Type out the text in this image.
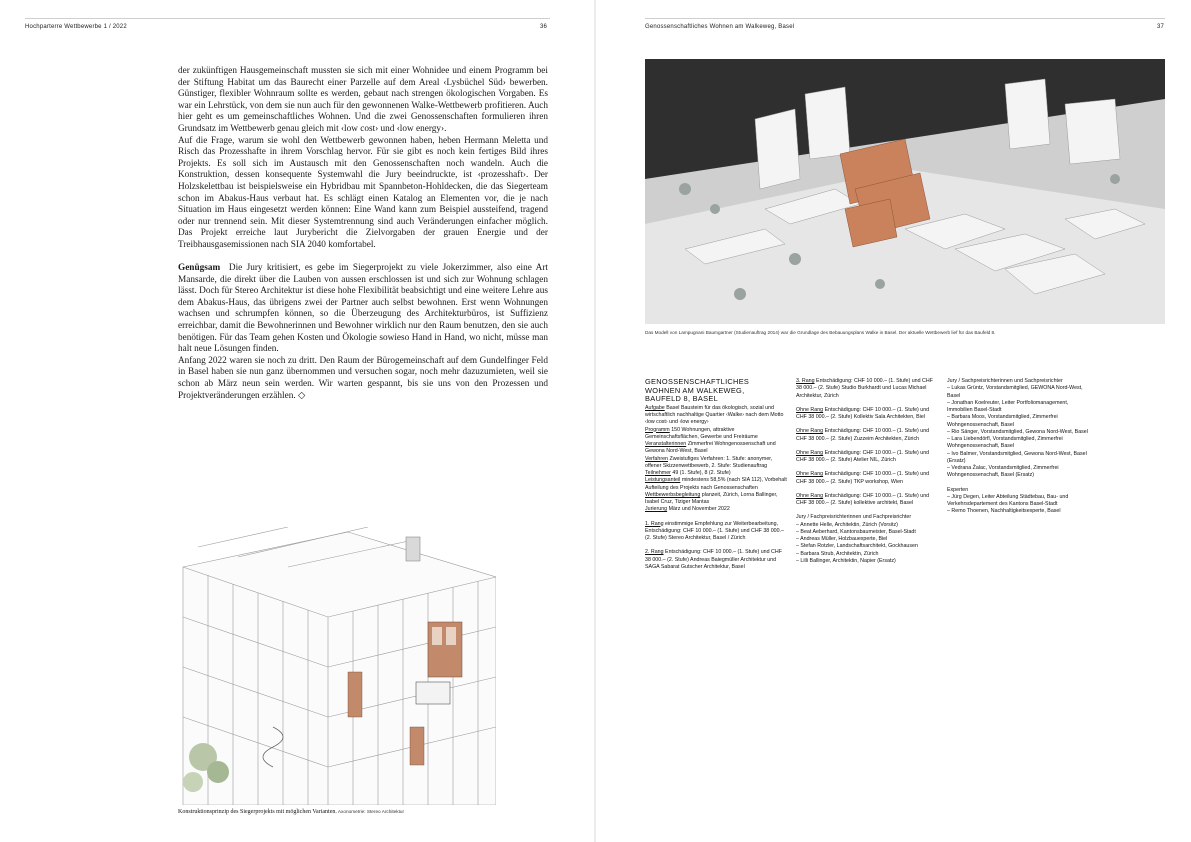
Hochparterre Wettbewerbe 1 / 2022	36

der zukünftigen Hausgemeinschaft mussten sie sich mit einer Wohnidee und einem Programm bei der Stiftung Habitat um das Baurecht einer Parzelle auf dem Areal ‹Lysbüchel Süd› bewerben. Günstiger, flexibler Wohnraum sollte es werden, gebaut nach strengen ökologischen Vorgaben. Es war ein Lehrstück, von dem sie nun auch für den gewonnenen Walke-Wettbewerb profitieren. Auch hier geht es um gemeinschaftliches Wohnen. Und die zwei Genossenschaften formulieren ihren Grundsatz im Wettbewerb genau gleich mit ‹low cost› und ‹low energy›.

Auf die Frage, warum sie wohl den Wettbewerb gewonnen haben, heben Hermann Meletta und Risch das Prozesshafte in ihrem Vorschlag hervor. Für sie gibt es noch kein fertiges Bild ihres Projekts. Es soll sich im Austausch mit den Genossenschaften noch wandeln. Auch die Konstruktion, dessen konsequente Systemwahl die Jury beeindruckte, ist ‹prozesshaft›. Der Holzskelettbau ist beispielsweise ein Hybridbau mit Spannbeton-Hohldecken, die das Siegerteam schon im Abakus-Haus verbaut hat. Es schlägt einen Katalog an Elementen vor, die je nach Situation im Haus eingesetzt werden können: Eine Wand kann zum Beispiel aussteifend, tragend oder nur trennend sein. Mit dieser Systemtrennung sind auch Veränderungen einfacher möglich. Das Projekt erreiche laut Jurybericht die Zielvorgaben der grauen Energie und der Treibhausgasemissionen nach SIA 2040 komfortabel.

Genügsam Die Jury kritisiert, es gebe im Siegerprojekt zu viele Jokerzimmer, also eine Art Mansarde, die direkt über die Lauben von aussen erschlossen ist und sich zur Wohnung schlagen lässt. Doch für Stereo Architektur ist diese hohe Flexibilität beabsichtigt und eine weitere Lehre aus dem Abakus-Haus, das übrigens zwei der Partner auch selbst bewohnen. Erst wenn Wohnungen wachsen und schrumpfen können, so die Überzeugung des Architekturbüros, ist Suffizienz erreichbar, damit die Bewohnerinnen und Bewohner wirklich nur den Raum benutzen, den sie auch benötigen. Für das Team gehen Kosten und Ökologie sowieso Hand in Hand, wo nicht, müsse man halt neue Lösungen finden.

Anfang 2022 waren sie noch zu dritt. Den Raum der Bürogemeinschaft auf dem Gundelfinger Feld in Basel haben sie nun ganz übernommen und versuchen sogar, noch mehr dazuzumieten, weil sie schon ab März neun sein werden. Wir warten gespannt, bis sie uns von den Prozessen und Projektveränderungen erzählen. ◇

Konstruktionsprinzip des Siegerprojekts mit möglichen Varianten. Axonometrie: Stereo Architektur
Genossenschaftliches Wohnen am Walkeweg, Basel	37
Das Modell von Lampugnani Baumgartner (Studienauftrag 2014) war die Grundlage des Bebauungsplans Walke in Basel. Der aktuelle Wettbewerb lief für das Baufeld 8.
GENOSSENSCHAFTLICHES
WOHNEN AM WALKEWEG,
BAUFELD 8, BASEL
Aufgabe Basel Bausteim für das ökologisch, sozial und wirtschaftlich nachhaltige Quartier ‹Walke› nach dem Motto ‹low cost› und ‹low energy›
Programm 150 Wohnungen, attraktive Gemeinschaftsflächen, Gewerbe und Freiräume
Veranstalterinnen Zimmerfrei Wohngenossenschaft und Gewona Nord-West, Basel
Verfahren Zweistufiges Verfahren: 1. Stufe: anonymer, offener Skizzenwettbewerb, 2. Stufe: Studienauftrag
Teilnehmer 49 (1. Stufe), 8 (2. Stufe)
Leistungsanteil mindestens 58,5% (nach SIA 112), Vorbehalt Aufteilung des Projekts nach Genossenschaften
Wettbewerbsbegleitung planzeit, Zürich, Lorna Ballinger, Isabel Cruz, Tiziger Mantas

Jurierung März und November 2022

1. Rang einstimmige Empfehlung zur Weiterbearbeitung, Entschädigung: CHF 10 000.– (1. Stufe) und CHF 38 000.– (2. Stufe) Stereo Architektur, Basel / Zürich

2. Rang Entschädigung: CHF 10 000.– (1. Stufe) und CHF 38 000.– (2. Stufe) Andreas Baiegmüller Architektur und SAGA Sabarat Gutscher Architektur, Basel

3. Rang Entschädigung: CHF 10 000.– (1. Stufe) und CHF 38 000.– (2. Stufe) Studio Burkhardt und Lucas Michael Architektur, Zürich

Ohne Rang Entschädigung: CHF 10 000.– (1. Stufe) und CHF 38 000.– (2. Stufe) Kollektiv Sala Architekten, Biel

Ohne Rang Entschädigung: CHF 10 000.– (1. Stufe) und CHF 38 000.– (2. Stufe) Zuzzeim Architekten, Zürich

Ohne Rang Entschädigung: CHF 10 000.– (1. Stufe) und CHF 38 000.– (2. Stufe) Atelier NIL, Zürich

Ohne Rang Entschädigung: CHF 10 000.– (1. Stufe) und CHF 38 000.– (2. Stufe) TKP workshop, Wien

Ohne Rang Entschädigung: CHF 10 000.– (1. Stufe) und CHF 38 000.– (2. Stufe) kollektive architekt, Basel

Jury / Fachpreisrichterinnen und Fachpreisrichter
– Annette Helle, Architektin, Zürich (Vorsitz)
– Beat Aeberhard, Kantonsbaumeister, Basel-Stadt
– Andreas Müller, Holzbauexperte, Biel
– Stefan Rotzler, Landschaftsarchitekt, Gockhausen
– Barbara Strub, Architektin, Zürich
– Lilli Ballinger, Architektin, Napier (Ersatz)

Jury / Sachpreisrichterinnen und Sachpreisrichter
– Lukas Grüntz, Vorstandsmitglied, GEWONA Nord-West, Basel
– Jonathan Koelreuter, Leiter Portfoliomanagement, Immobilien Basel-Stadt
– Barbara Moos, Vorstandsmitglied, Zimmerfrei Wohngenossenschaft, Basel
– Rio Sänger, Vorstandsmitglied, Gewona Nord-West, Basel
– Lara Liebendörfl, Vorstandsmitglied, Zimmerfrei Wohngenossenschaft, Basel
– Ivo Balmer, Vorstandsmitglied, Gewona Nord-West, Basel (Ersatz)
– Vedrana Žalac, Vorstandsmitglied, Zimmerfrei Wohngenossenschaft, Basel (Ersatz)

Experten
– Jürg Degen, Leiter Abteilung Städtebau, Bau- und Verkehrsdepartement des Kantons Basel-Stadt
– Remo Thoenen, Nachhaltigkeitsexperte, Basel
